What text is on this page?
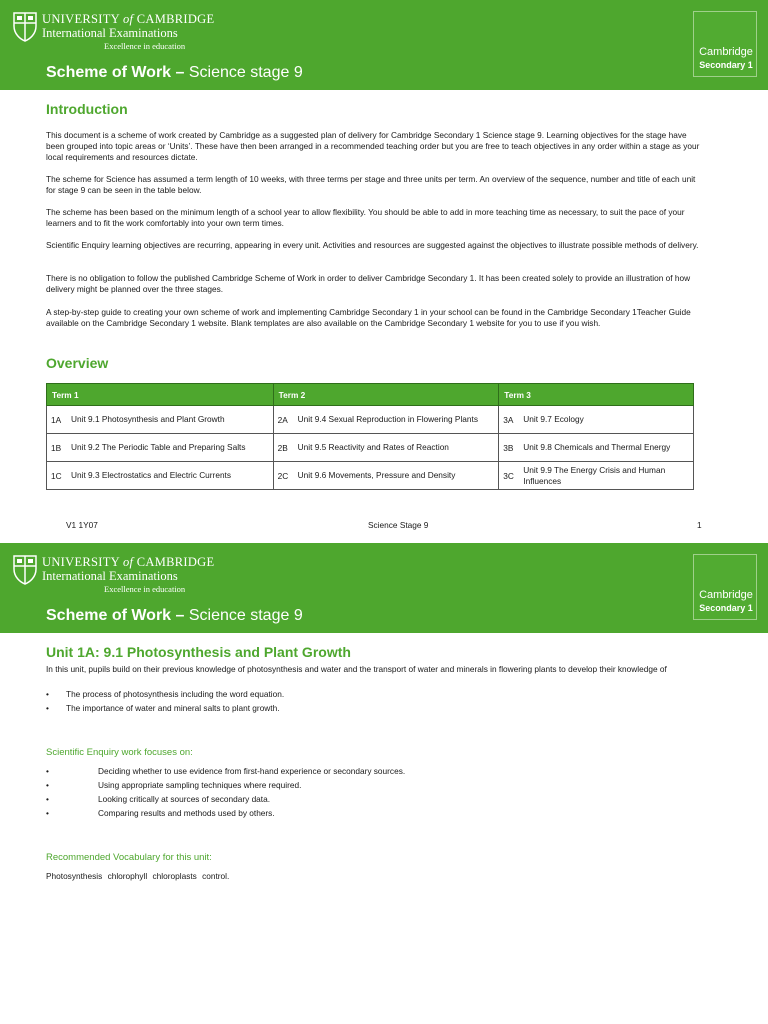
UNIVERSITY of CAMBRIDGE
International Examinations
Excellence in education
Scheme of Work – Science stage 9
Cambridge
Secondary 1
Introduction

This document is a scheme of work created by Cambridge as a suggested plan of delivery for Cambridge Secondary 1 Science stage 9. Learning objectives for the stage have been grouped into topic areas or ‘Units’. These have then been arranged in a recommended teaching order but you are free to teach objectives in any order within a stage as your local requirements and resources dictate.

The scheme for Science has assumed a term length of 10 weeks, with three terms per stage and three units per term. An overview of the sequence, number and title of each unit for stage 9 can be seen in the table below.

The scheme has been based on the minimum length of a school year to allow flexibility. You should be able to add in more teaching time as necessary, to suit the pace of your learners and to fit the work comfortably into your own term times.

Scientific Enquiry learning objectives are recurring, appearing in every unit. Activities and resources are suggested against the objectives to illustrate possible methods of delivery.

There is no obligation to follow the published Cambridge Scheme of Work in order to deliver Cambridge Secondary 1. It has been created solely to provide an illustration of how delivery might be planned over the three stages.

A step-by-step guide to creating your own scheme of work and implementing Cambridge Secondary 1 in your school can be found in the Cambridge Secondary 1Teacher Guide available on the Cambridge Secondary 1 website. Blank templates are also available on the Cambridge Secondary 1 website for you to use if you wish.

Overview
Term 1	Term 2	Term 3

1A Unit 9.1 Photosynthesis and Plant Growth	2A Unit 9.4 Sexual Reproduction in Flowering Plants	3A Unit 9.7 Ecology

1B Unit 9.2 The Periodic Table and Preparing Salts	2B Unit 9.5 Reactivity and Rates of Reaction	3B Unit 9.8 Chemicals and Thermal Energy

1C Unit 9.3 Electrostatics and Electric Currents	2C Unit 9.6 Movements, Pressure and Density	3C
Unit 9.9 The Energy Crisis and Human Influences
V1 1Y07	Science Stage 9	1
UNIVERSITY of CAMBRIDGE
International Examinations
Excellence in education
Scheme of Work – Science stage 9
Cambridge
Secondary 1
Unit 1A: 9.1 Photosynthesis and Plant Growth

In this unit, pupils build on their previous knowledge of photosynthesis and water and the transport of water and minerals in flowering plants to develop their knowledge of

• The process of photosynthesis including the word equation.
• The importance of water and mineral salts to plant growth.
Scientific Enquiry work focuses on:
•	Deciding whether to use evidence from first-hand experience or secondary sources.
•	Using appropriate sampling techniques where required.
•	Looking critically at sources of secondary data.
•	Comparing results and methods used by others.
Recommended Vocabulary for this unit:
Photosynthesis chlorophyll chloroplasts control.
